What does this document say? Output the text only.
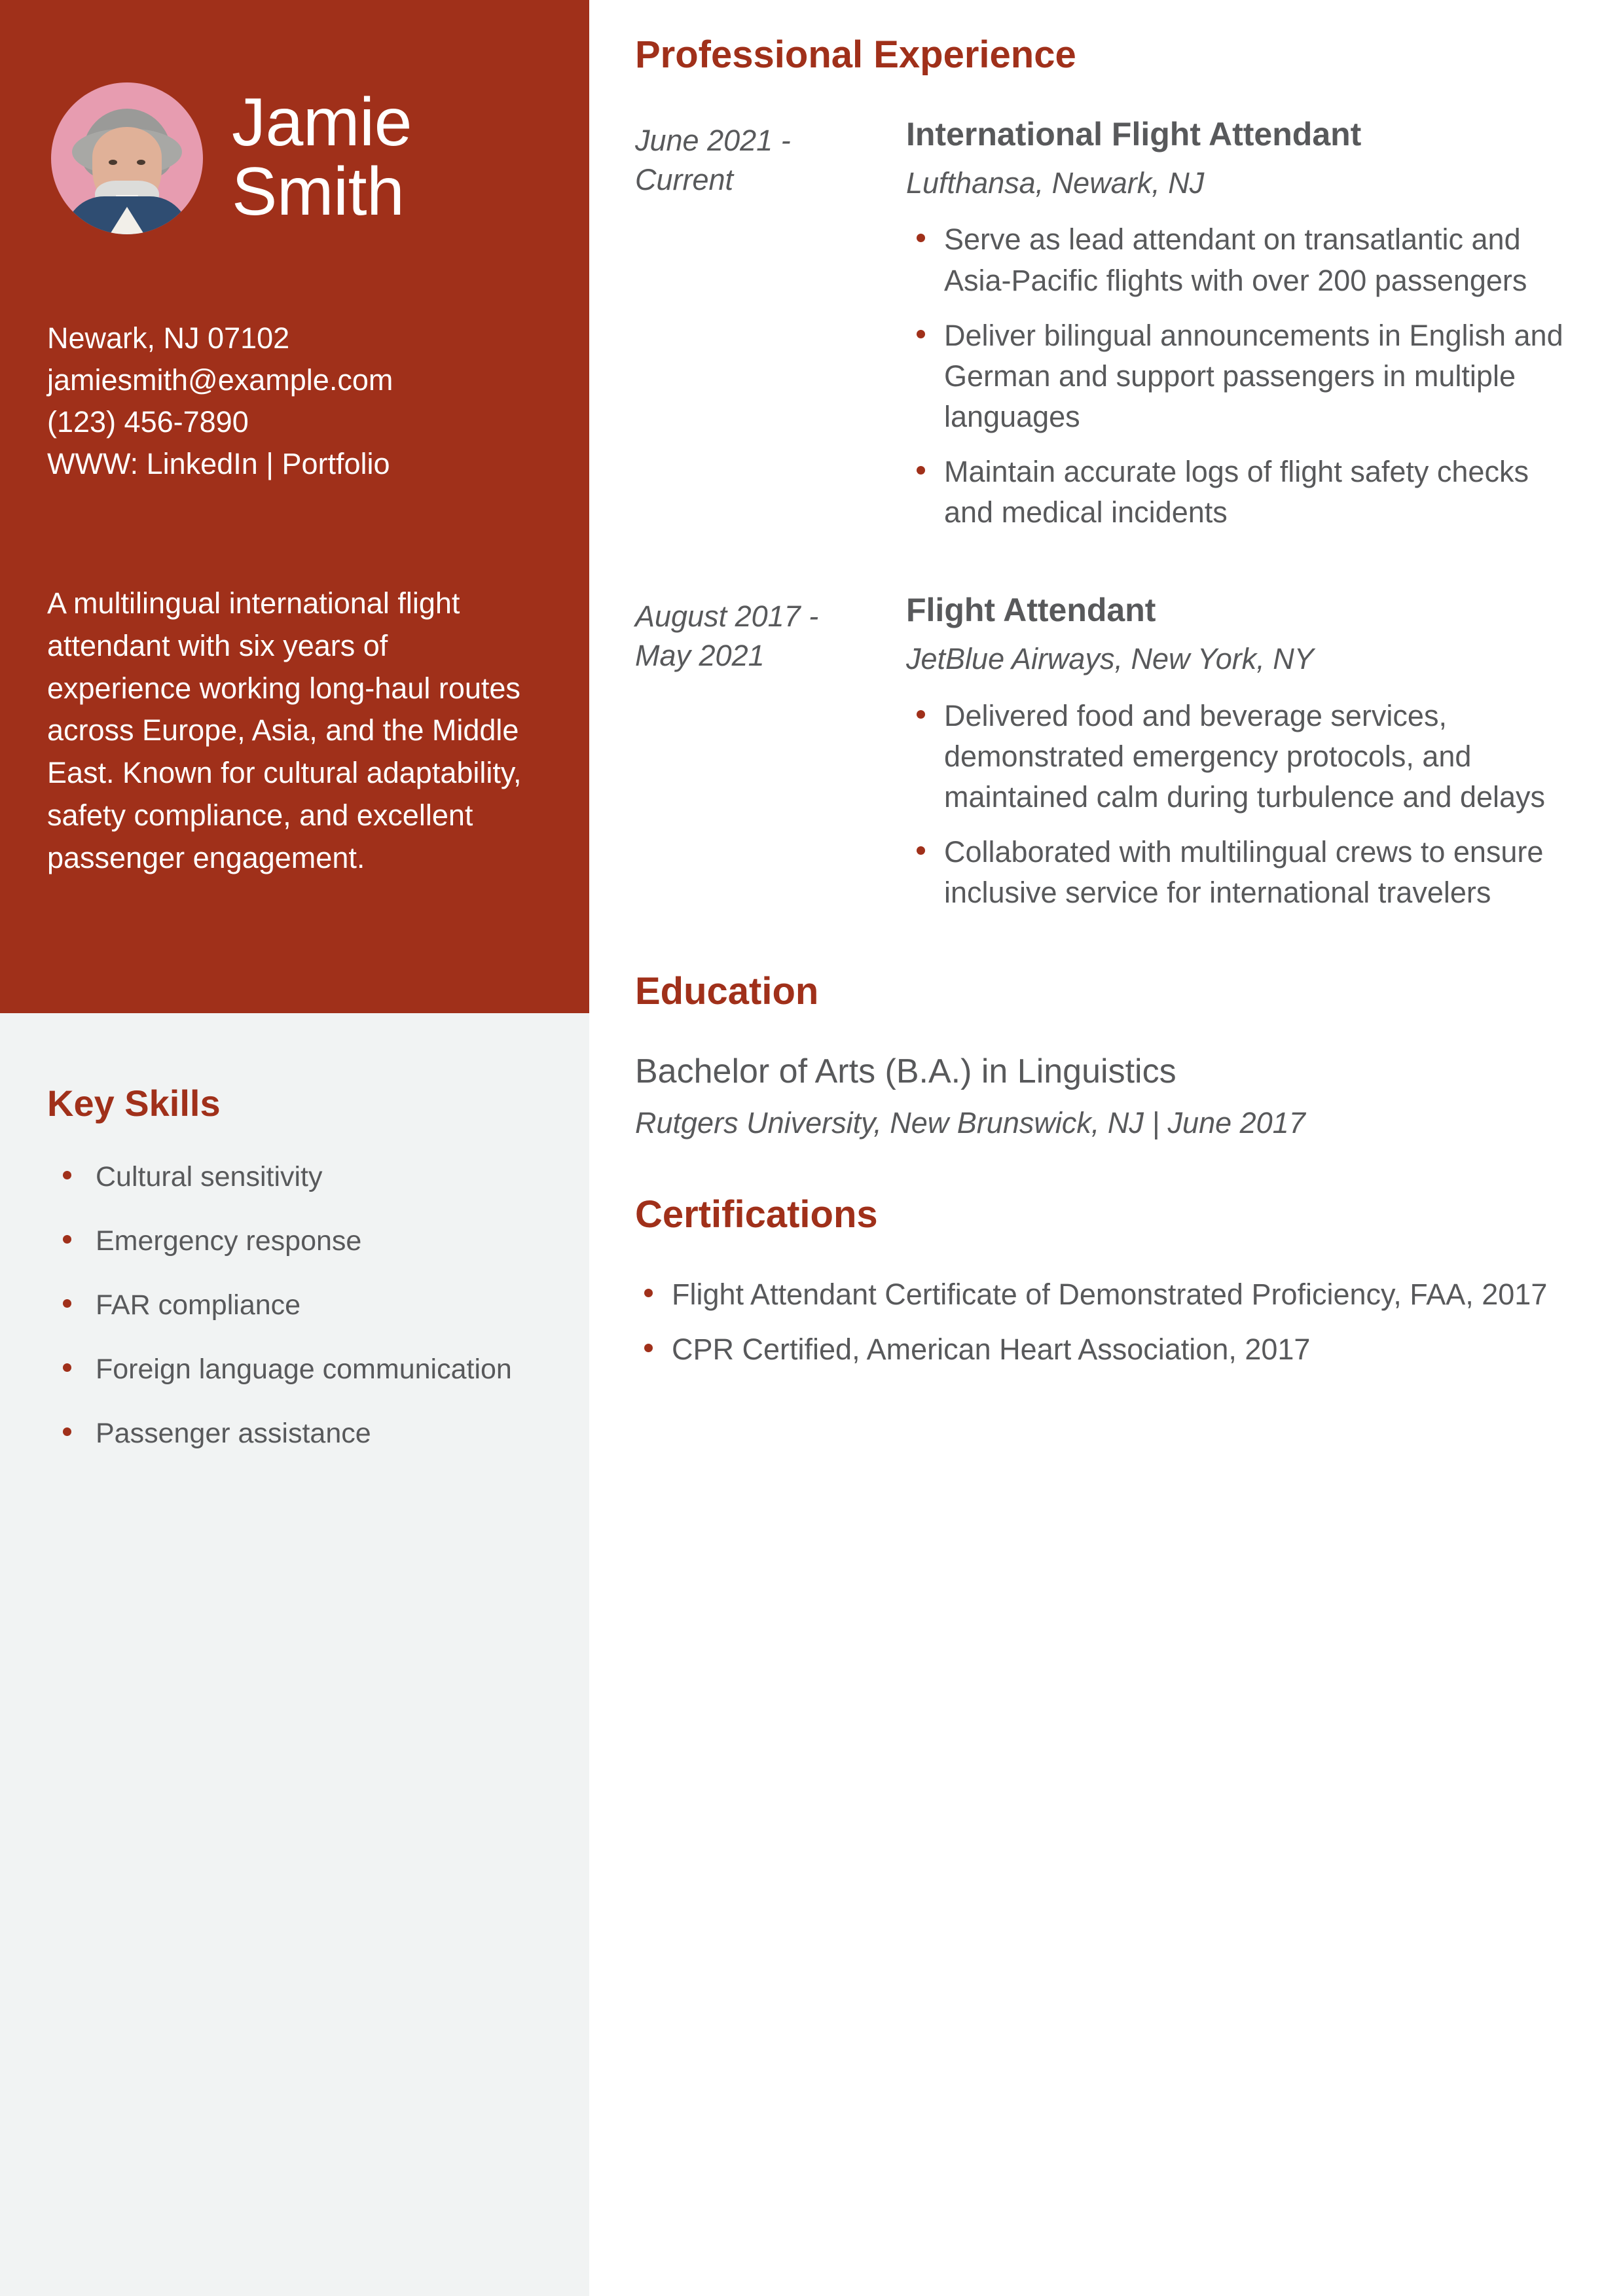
Jamie
Smith
Newark, NJ 07102
jamiesmith@example.com
(123) 456-7890
WWW: LinkedIn | Portfolio

A multilingual international flight attendant with six years of experience working long-haul routes across Europe, Asia, and the Middle East. Known for cultural adaptability, safety compliance, and excellent passenger engagement.

Key Skills
Cultural sensitivity
Emergency response
FAR compliance
Foreign language communication
Passenger assistance
Professional Experience
June 2021 - Current
International Flight Attendant
Lufthansa, Newark, NJ
Serve as lead attendant on transatlantic and Asia-Pacific flights with over 200 passengers
Deliver bilingual announcements in English and German and support passengers in multiple languages
Maintain accurate logs of flight safety checks and medical incidents
August 2017 - May 2021
Flight Attendant
JetBlue Airways, New York, NY
Delivered food and beverage services, demonstrated emergency protocols, and maintained calm during turbulence and delays
Collaborated with multilingual crews to ensure inclusive service for international travelers
Education
Bachelor of Arts (B.A.) in Linguistics
Rutgers University, New Brunswick, NJ | June 2017
Certifications
Flight Attendant Certificate of Demonstrated Proficiency, FAA, 2017
CPR Certified, American Heart Association, 2017
